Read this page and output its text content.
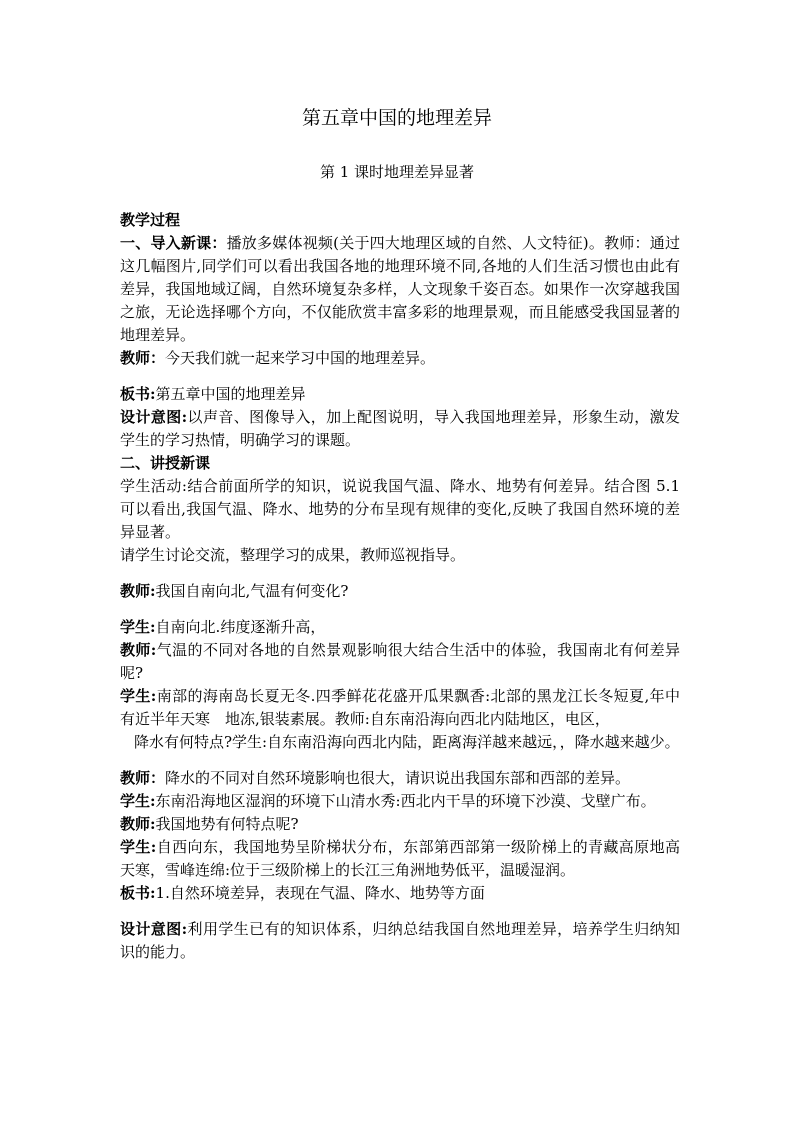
第五章中国的地理差异
第 1 课时地理差异显著

教学过程

一、导入新课：播放多媒体视频(关于四大地理区域的自然、人文特征)。教师：通过这几幅图片,同学们可以看出我国各地的地理环境不同,各地的人们生活习惯也由此有差异，我国地域辽阔，自然环境复杂多样，人文现象千姿百态。如果作一次穿越我国之旅，无论选择哪个方向，不仅能欣赏丰富多彩的地理景观，而且能感受我国显著的地理差异。

教师：今天我们就一起来学习中国的地理差异。

板书:第五章中国的地理差异

设计意图:以声音、图像导入，加上配图说明，导入我国地理差异，形象生动，激发学生的学习热情，明确学习的课题。

二、讲授新课

学生活动:结合前面所学的知识，说说我国气温、降水、地势有何差异。结合图 5.1 可以看出,我国气温、降水、地势的分布呈现有规律的变化,反映了我国自然环境的差异显著。

请学生讨论交流，整理学习的成果，教师巡视指导。

教师:我国自南向北,气温有何变化?

学生:自南向北.纬度逐渐升高，

教师:气温的不同对各地的自然景观影响很大结合生活中的体验，我国南北有何差异呢?

学生:南部的海南岛长夏无冬.四季鲜花花盛开瓜果飘香:北部的黑龙江长冬短夏,年中有近半年天寒　地冻,银装素展。教师:自东南沿海向西北内陆地区，电区，

降水有何特点?学生:自东南沿海向西北内陆，距离海洋越来越远，，降水越来越少。

教师：降水的不同对自然环境影响也很大，请识说出我国东部和西部的差异。

学生:东南沿海地区湿润的环境下山清水秀:西北内干旱的环境下沙漠、戈壁广布。

教师:我国地势有何特点呢?

学生:自西向东，我国地势呈阶梯状分布，东部第西部第一级阶梯上的青藏高原地高天寒，雪峰连绵:位于三级阶梯上的长江三角洲地势低平，温暖湿润。

板书:1.自然环境差异，表现在气温、降水、地势等方面

设计意图:利用学生已有的知识体系，归纳总结我国自然地理差异，培养学生归纳知识的能力。
